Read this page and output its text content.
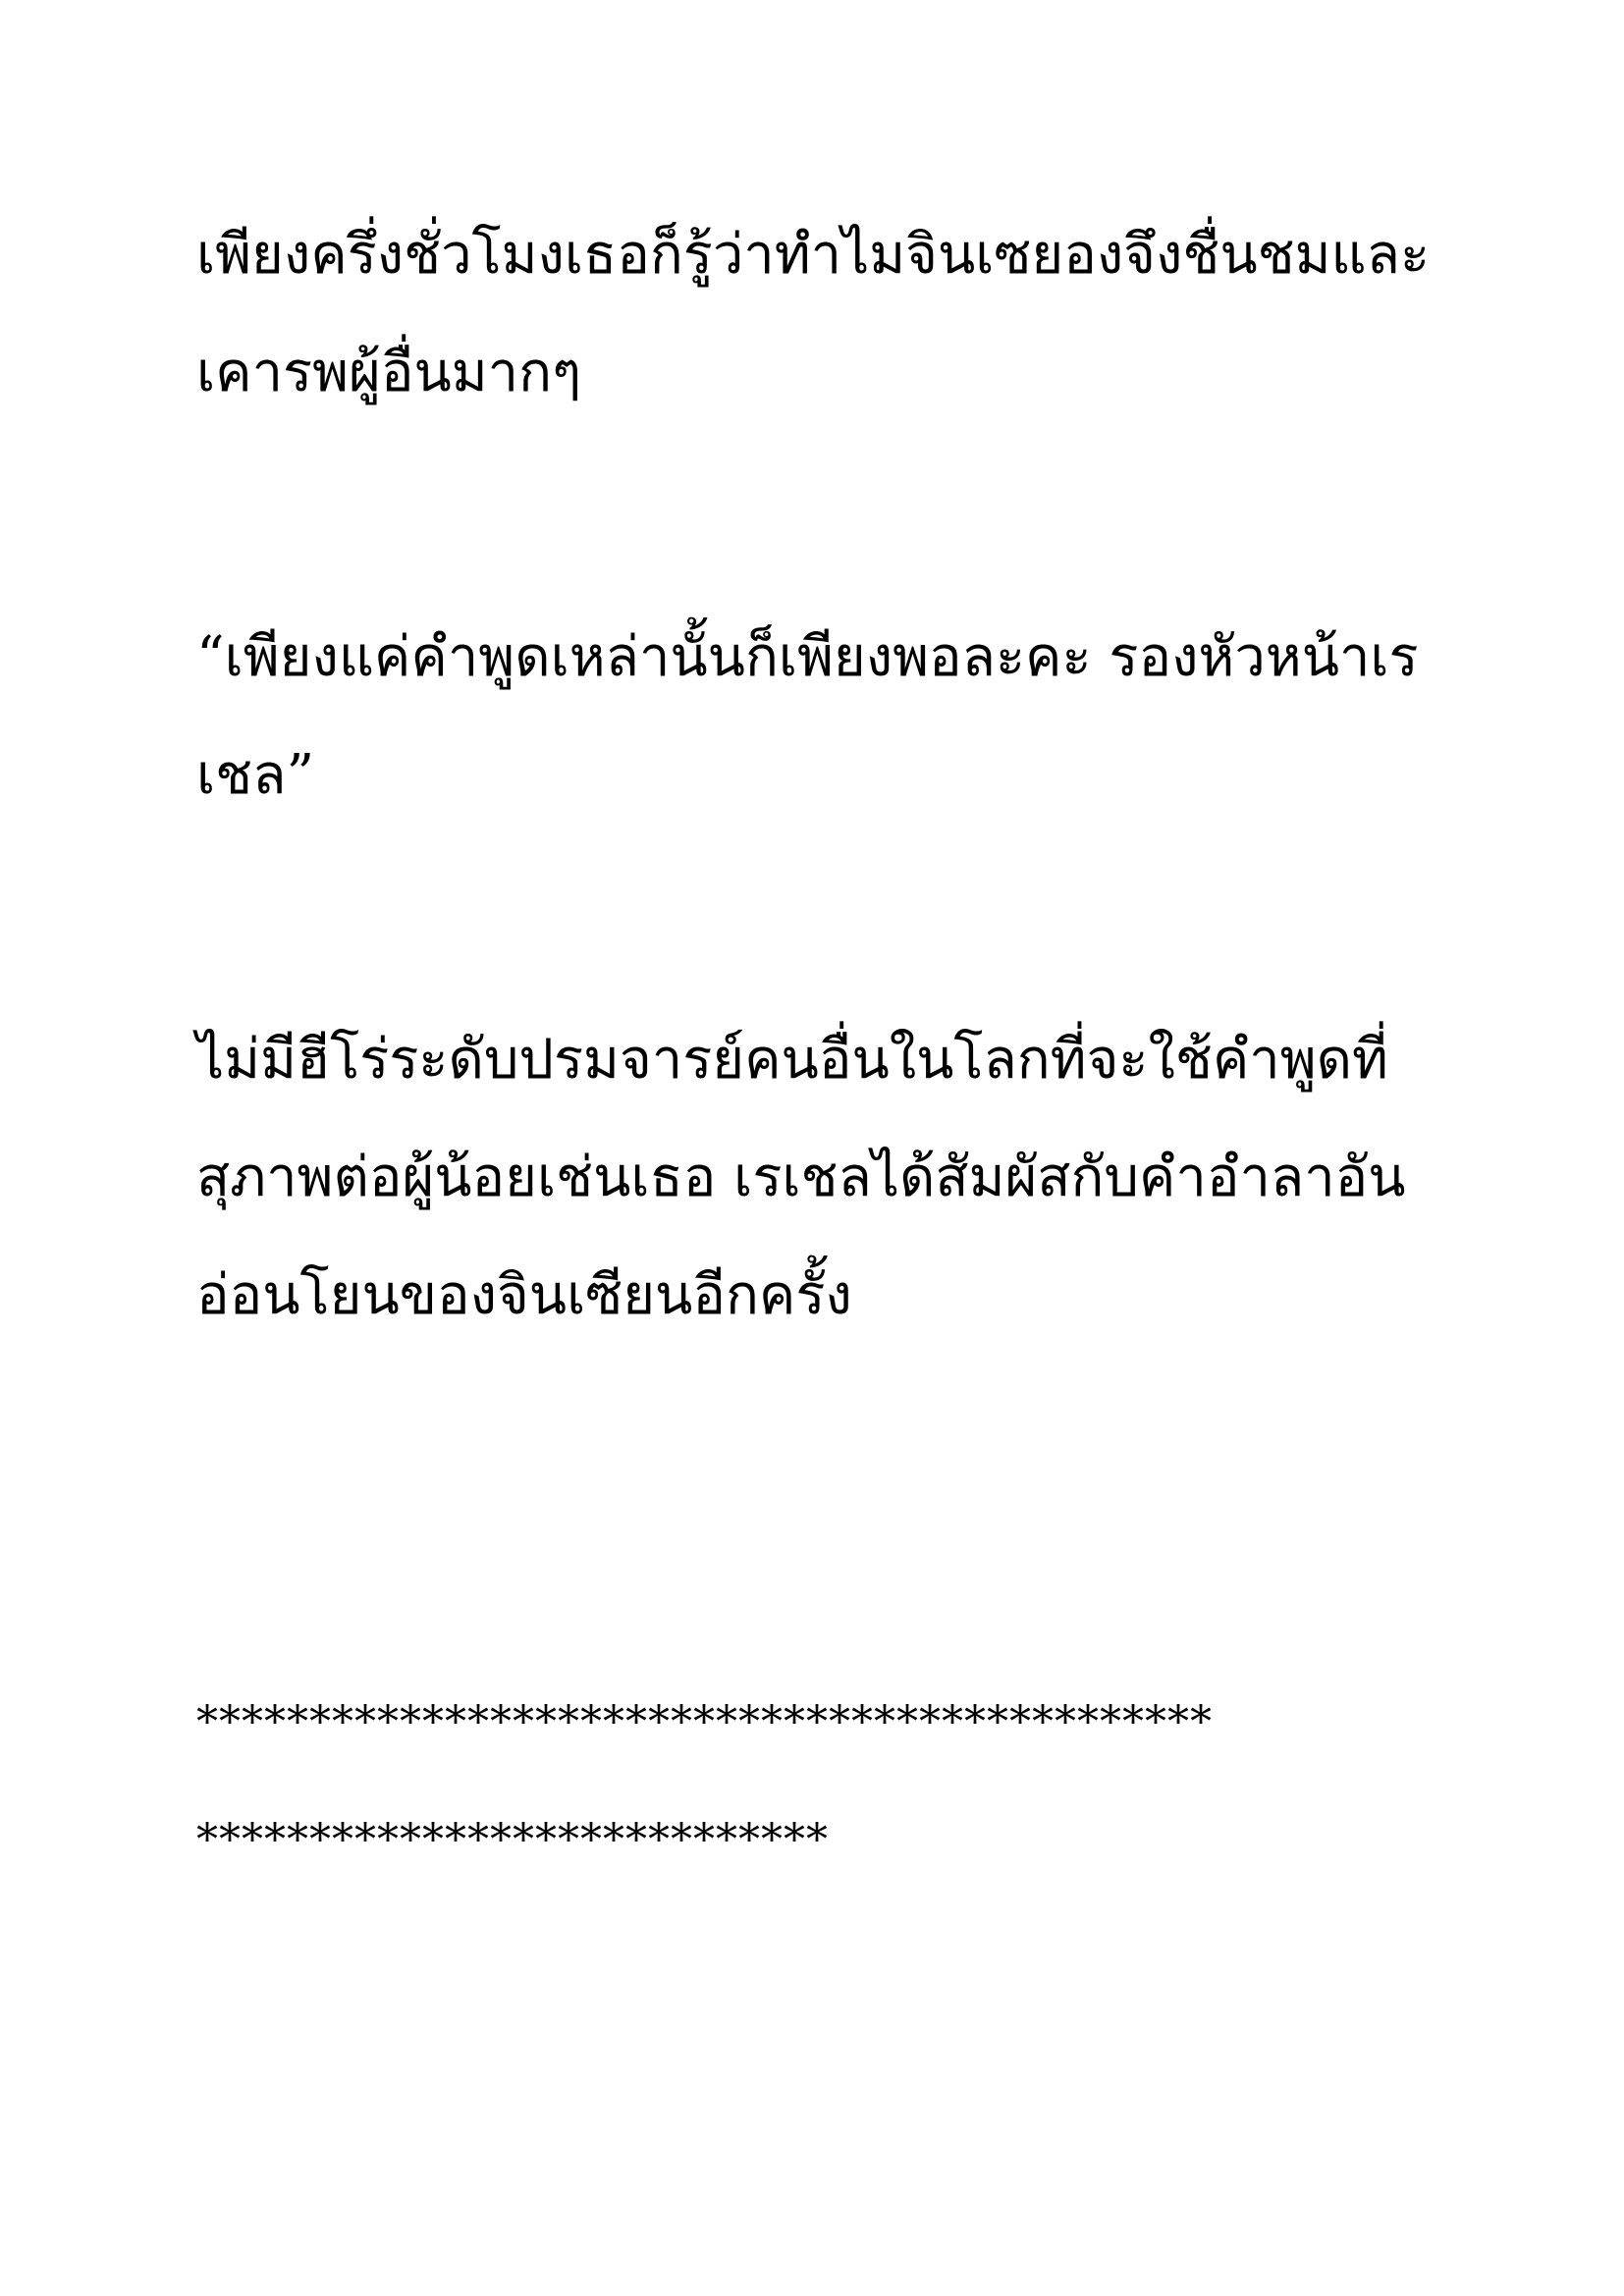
เพียงครึ่งชั่วโมงเธอก็รู้ว่าทำไมจินเซยองจึงชื่นชมและ
เคารพผู้อื่นมากๆ
“เพียงแค่คำพูดเหล่านั้นก็เพียงพอละคะ รองหัวหน้าเร
เชล”
ไม่มีฮีโร่ระดับปรมจารย์คนอื่นในโลกที่จะใช้คำพูดที่
สุภาพต่อผู้น้อยเช่นเธอ เรเชลได้สัมผัสกับคำอำลาอัน
อ่อนโยนของจินเซียนอีกครั้ง
*********************************************
****************************
